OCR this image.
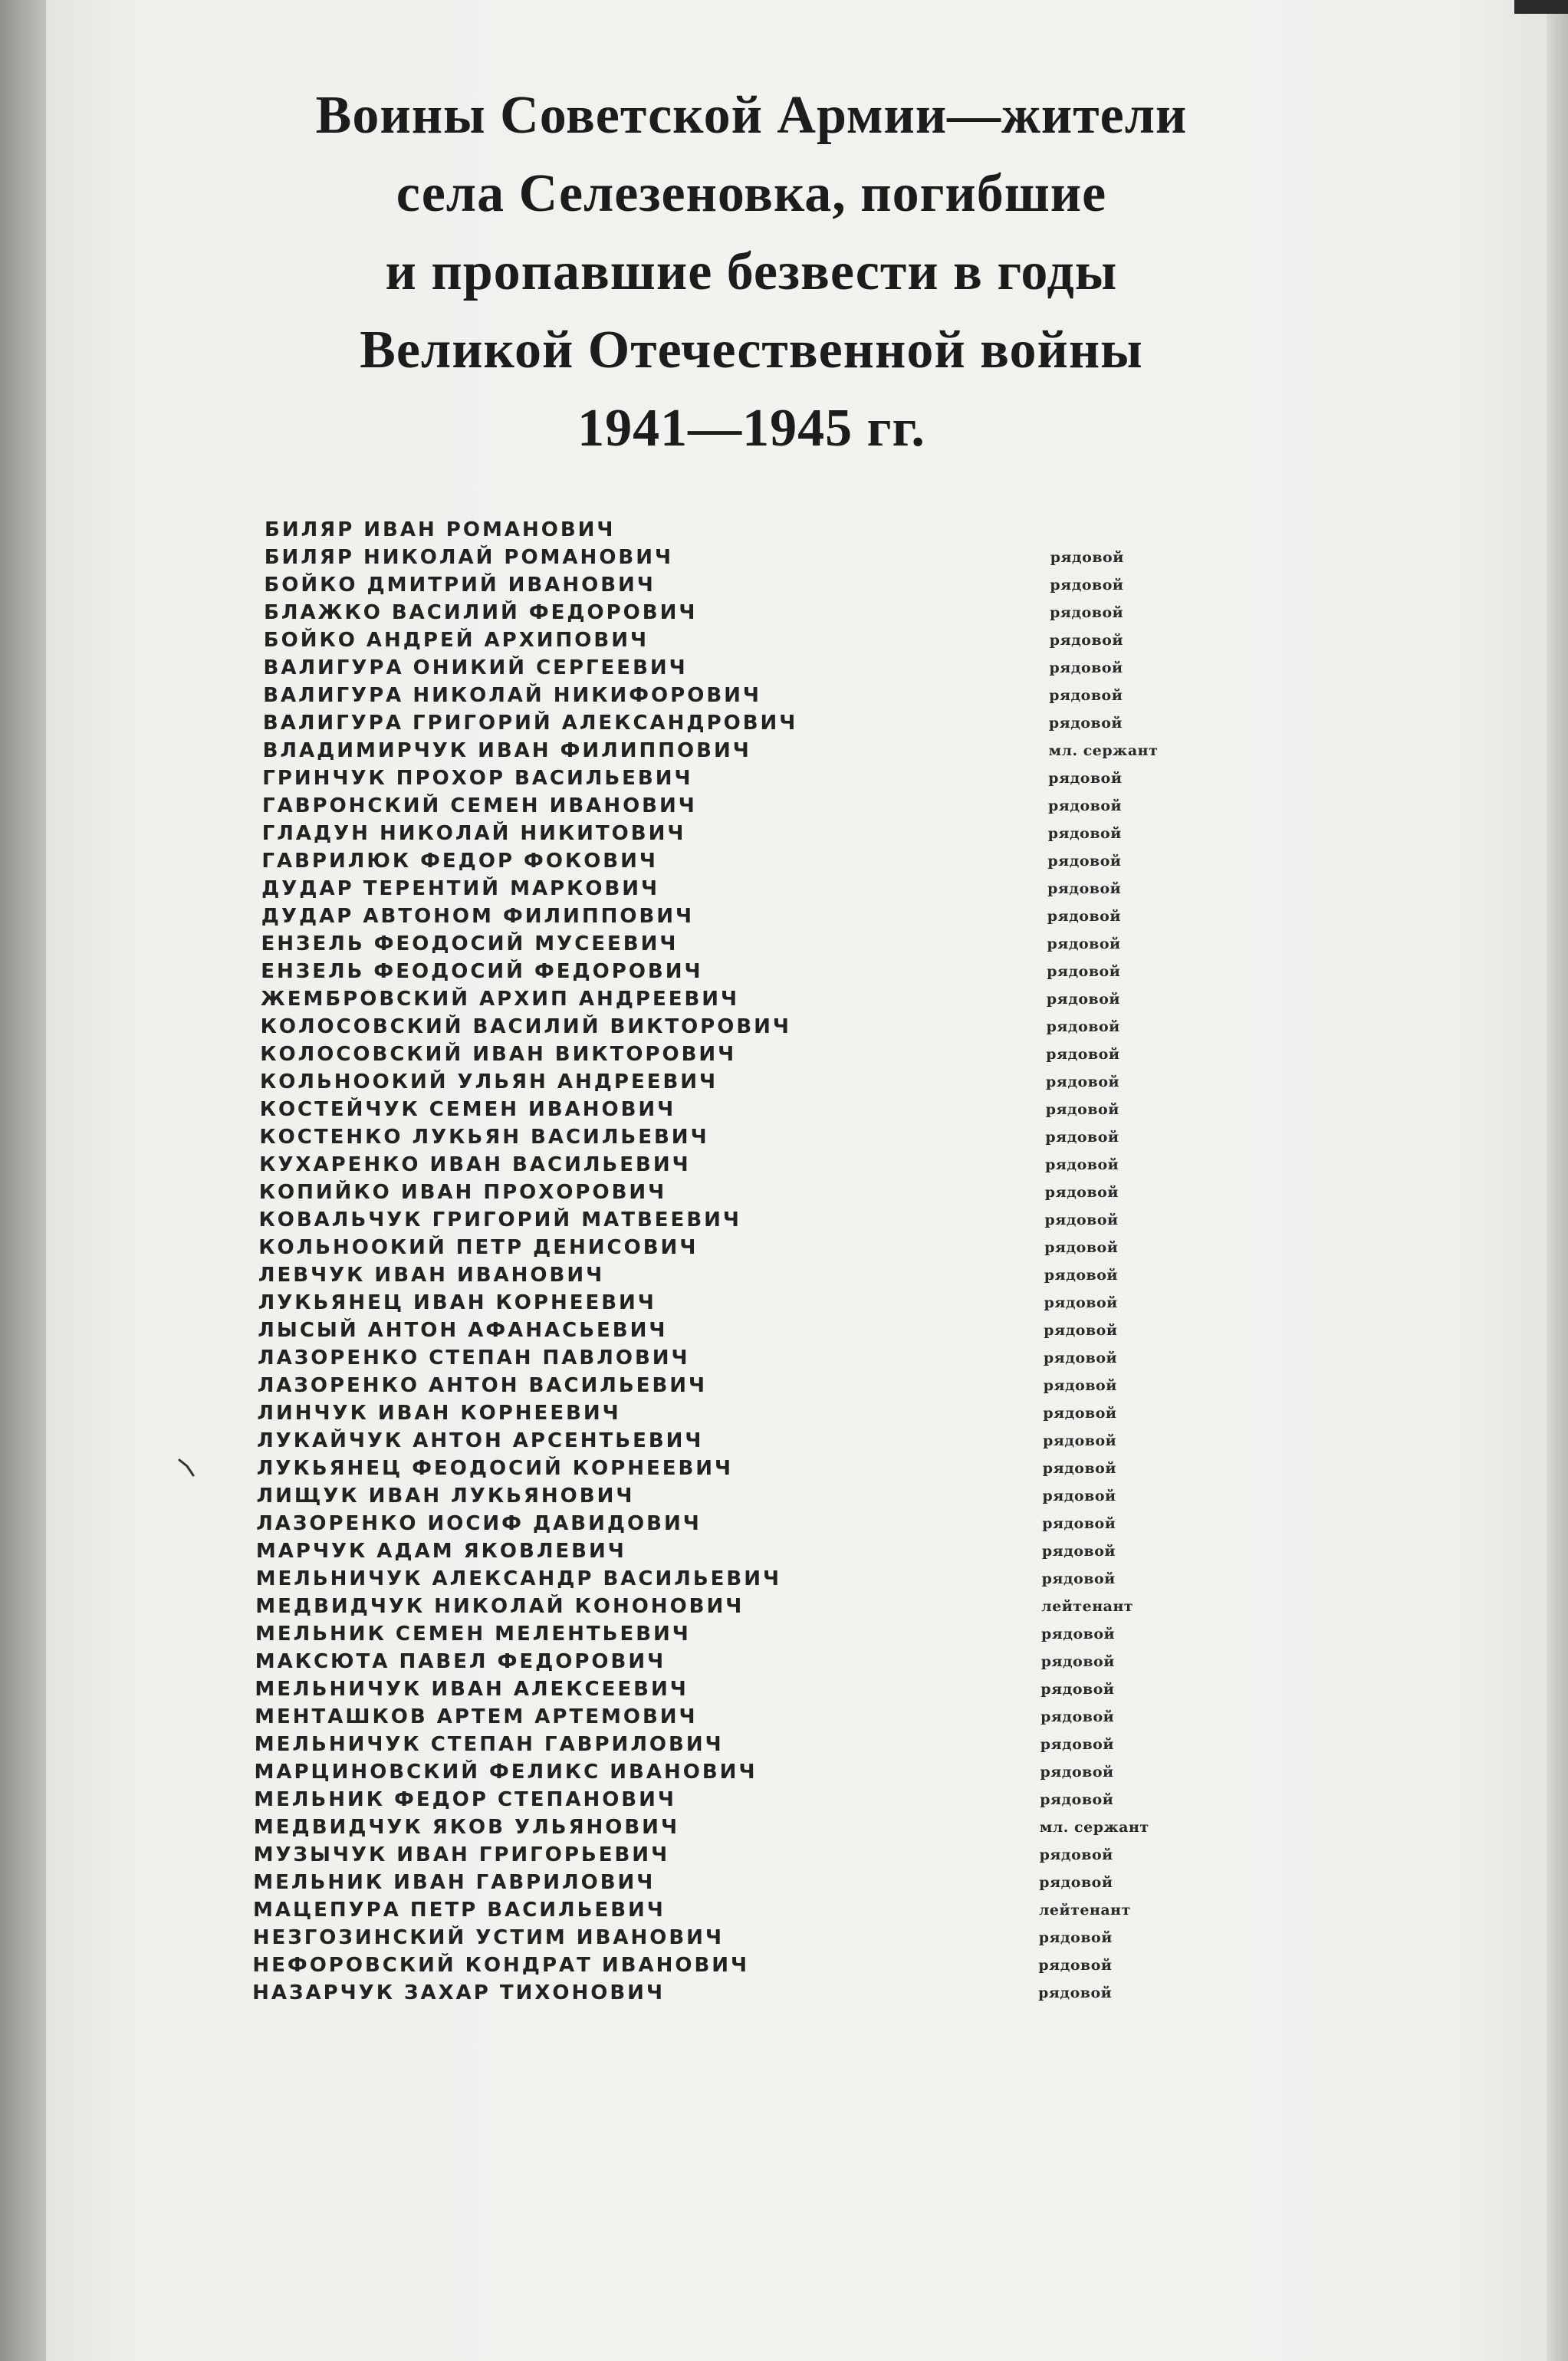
Воины Советской Армии—жители
села Селезеновка, погибшие
и пропавшие безвести в годы
Великой Отечественной войны
1941—1945 гг.
БИЛЯР ИВАН РОМАНОВИЧ
БИЛЯР НИКОЛАЙ РОМАНОВИЧ	рядовой
БОЙКО ДМИТРИЙ ИВАНОВИЧ	рядовой
БЛАЖКО ВАСИЛИЙ ФЕДОРОВИЧ	рядовой
БОЙКО АНДРЕЙ АРХИПОВИЧ	рядовой
ВАЛИГУРА ОНИКИЙ СЕРГЕЕВИЧ	рядовой
ВАЛИГУРА НИКОЛАЙ НИКИФОРОВИЧ	рядовой
ВАЛИГУРА ГРИГОРИЙ АЛЕКСАНДРОВИЧ	рядовой
ВЛАДИМИРЧУК ИВАН ФИЛИППОВИЧ	мл. сержант
ГРИНЧУК ПРОХОР ВАСИЛЬЕВИЧ	рядовой
ГАВРОНСКИЙ СЕМЕН ИВАНОВИЧ	рядовой
ГЛАДУН НИКОЛАЙ НИКИТОВИЧ	рядовой
ГАВРИЛЮК ФЕДОР ФОКОВИЧ	рядовой
ДУДАР ТЕРЕНТИЙ МАРКОВИЧ	рядовой
ДУДАР АВТОНОМ ФИЛИППОВИЧ	рядовой
ЕНЗЕЛЬ ФЕОДОСИЙ МУСЕЕВИЧ	рядовой
ЕНЗЕЛЬ ФЕОДОСИЙ ФЕДОРОВИЧ	рядовой
ЖЕМБРОВСКИЙ АРХИП АНДРЕЕВИЧ	рядовой
КОЛОСОВСКИЙ ВАСИЛИЙ ВИКТОРОВИЧ	рядовой
КОЛОСОВСКИЙ ИВАН ВИКТОРОВИЧ	рядовой
КОЛЬНООКИЙ УЛЬЯН АНДРЕЕВИЧ	рядовой
КОСТЕЙЧУК СЕМЕН ИВАНОВИЧ	рядовой
КОСТЕНКО ЛУКЬЯН ВАСИЛЬЕВИЧ	рядовой
КУХАРЕНКО ИВАН ВАСИЛЬЕВИЧ	рядовой
КОПИЙКО ИВАН ПРОХОРОВИЧ	рядовой
КОВАЛЬЧУК ГРИГОРИЙ МАТВЕЕВИЧ	рядовой
КОЛЬНООКИЙ ПЕТР ДЕНИСОВИЧ	рядовой
ЛЕВЧУК ИВАН ИВАНОВИЧ	рядовой
ЛУКЬЯНЕЦ ИВАН КОРНЕЕВИЧ	рядовой
ЛЫСЫЙ АНТОН АФАНАСЬЕВИЧ	рядовой
ЛАЗОРЕНКО СТЕПАН ПАВЛОВИЧ	рядовой
ЛАЗОРЕНКО АНТОН ВАСИЛЬЕВИЧ	рядовой
ЛИНЧУК ИВАН КОРНЕЕВИЧ	рядовой
ЛУКАЙЧУК АНТОН АРСЕНТЬЕВИЧ	рядовой
ЛУКЬЯНЕЦ ФЕОДОСИЙ КОРНЕЕВИЧ	рядовой
ЛИЩУК ИВАН ЛУКЬЯНОВИЧ	рядовой
ЛАЗОРЕНКО ИОСИФ ДАВИДОВИЧ	рядовой
МАРЧУК АДАМ ЯКОВЛЕВИЧ	рядовой
МЕЛЬНИЧУК АЛЕКСАНДР ВАСИЛЬЕВИЧ	рядовой
МЕДВИДЧУК НИКОЛАЙ КОНОНОВИЧ	лейтенант
МЕЛЬНИК СЕМЕН МЕЛЕНТЬЕВИЧ	рядовой
МАКСЮТА ПАВЕЛ ФЕДОРОВИЧ	рядовой
МЕЛЬНИЧУК ИВАН АЛЕКСЕЕВИЧ	рядовой
МЕНТАШКОВ АРТЕМ АРТЕМОВИЧ	рядовой
МЕЛЬНИЧУК СТЕПАН ГАВРИЛОВИЧ	рядовой
МАРЦИНОВСКИЙ ФЕЛИКС ИВАНОВИЧ	рядовой
МЕЛЬНИК ФЕДОР СТЕПАНОВИЧ	рядовой
МЕДВИДЧУК ЯКОВ УЛЬЯНОВИЧ	мл. сержант
МУЗЫЧУК ИВАН ГРИГОРЬЕВИЧ	рядовой
МЕЛЬНИК ИВАН ГАВРИЛОВИЧ	рядовой
МАЦЕПУРА ПЕТР ВАСИЛЬЕВИЧ	лейтенант
НЕЗГОЗИНСКИЙ УСТИМ ИВАНОВИЧ	рядовой
НЕФОРОВСКИЙ КОНДРАТ ИВАНОВИЧ	рядовой
НАЗАРЧУК ЗАХАР ТИХОНОВИЧ	рядовой
